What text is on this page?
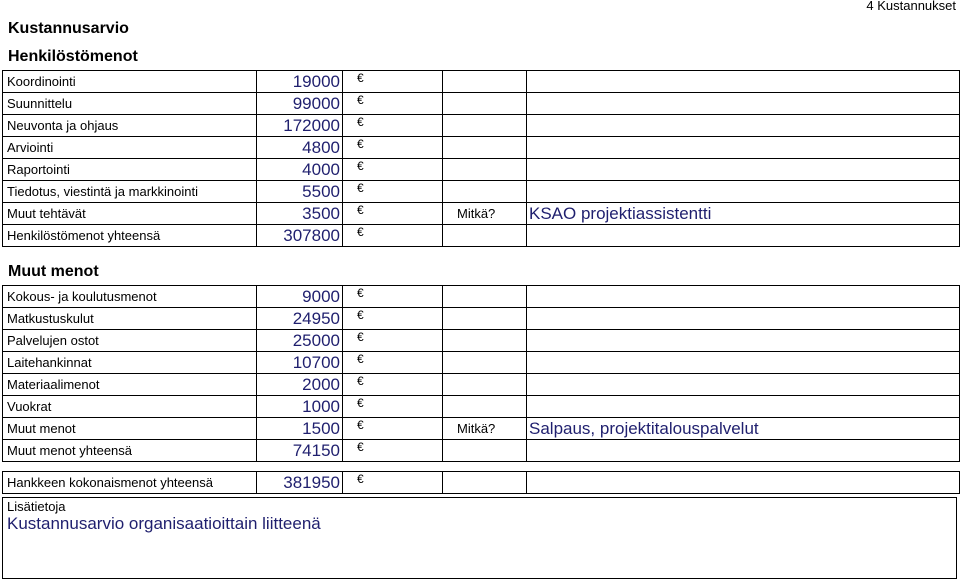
4 Kustannukset
Kustannusarvio
Henkilöstömenot
Koordinointi	19000	€		
Suunnittelu	99000	€		
Neuvonta ja ohjaus	172000	€		
Arviointi	4800	€		
Raportointi	4000	€		
Tiedotus, viestintä ja markkinointi	5500	€		
Muut tehtävät	3500	€	Mitkä?	KSAO projektiassistentti
Henkilöstömenot yhteensä	307800	€		
Muut menot
Kokous- ja koulutusmenot	9000	€		
Matkustuskulut	24950	€		
Palvelujen ostot	25000	€		
Laitehankinnat	10700	€		
Materiaalimenot	2000	€		
Vuokrat	1000	€		
Muut menot	1500	€	Mitkä?	Salpaus, projektitalouspalvelut
Muut menot yhteensä	74150	€		
Hankkeen kokonaismenot yhteensä	381950	€		
Lisätietoja
Kustannusarvio organisaatioittain liitteenä
